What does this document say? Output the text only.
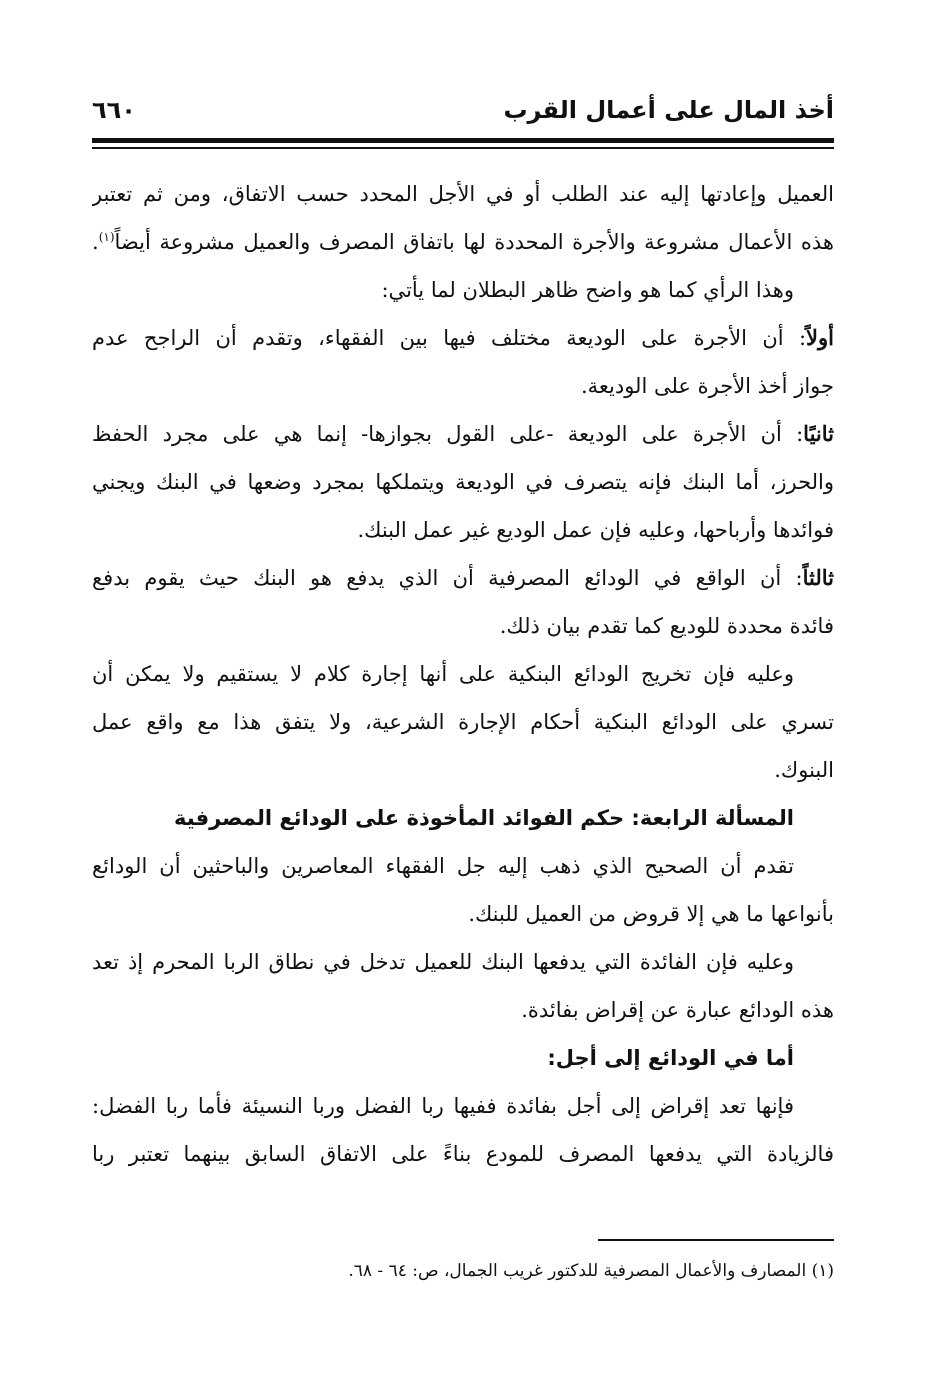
أخذ المال على أعمال القرب
٦٦٠
العميل وإعادتها إليه عند الطلب أو في الأجل المحدد حسب الاتفاق، ومن ثم تعتبر
هذه الأعمال مشروعة والأجرة المحددة لها باتفاق المصرف والعميل مشروعة أيضاً$^{(١)}$.
وهذا الرأي كما هو واضح ظاهر البطلان لما يأتي:
أولاً: أن الأجرة على الوديعة مختلف فيها بين الفقهاء، وتقدم أن الراجح عدم
جواز أخذ الأجرة على الوديعة.
ثانيًا: أن الأجرة على الوديعة -على القول بجوازها- إنما هي على مجرد الحفظ
والحرز، أما البنك فإنه يتصرف في الوديعة ويتملكها بمجرد وضعها في البنك ويجني
فوائدها وأرباحها، وعليه فإن عمل الوديع غير عمل البنك.
ثالثاً: أن الواقع في الودائع المصرفية أن الذي يدفع هو البنك حيث يقوم بدفع
فائدة محددة للوديع كما تقدم بيان ذلك.
وعليه فإن تخريج الودائع البنكية على أنها إجارة كلام لا يستقيم ولا يمكن أن
تسري على الودائع البنكية أحكام الإجارة الشرعية، ولا يتفق هذا مع واقع عمل
البنوك.
المسألة الرابعة: حكم الفوائد المأخوذة على الودائع المصرفية
تقدم أن الصحيح الذي ذهب إليه جل الفقهاء المعاصرين والباحثين أن الودائع
بأنواعها ما هي إلا قروض من العميل للبنك.
وعليه فإن الفائدة التي يدفعها البنك للعميل تدخل في نطاق الربا المحرم إذ تعد
هذه الودائع عبارة عن إقراض بفائدة.
أما في الودائع إلى أجل:
فإنها تعد إقراض إلى أجل بفائدة ففيها ربا الفضل وربا النسيئة فأما ربا الفضل:
فالزيادة التي يدفعها المصرف للمودع بناءً على الاتفاق السابق بينهما تعتبر ربا
(١) المصارف والأعمال المصرفية للدكتور غريب الجمال، ص: ٦٤ - ٦٨.
